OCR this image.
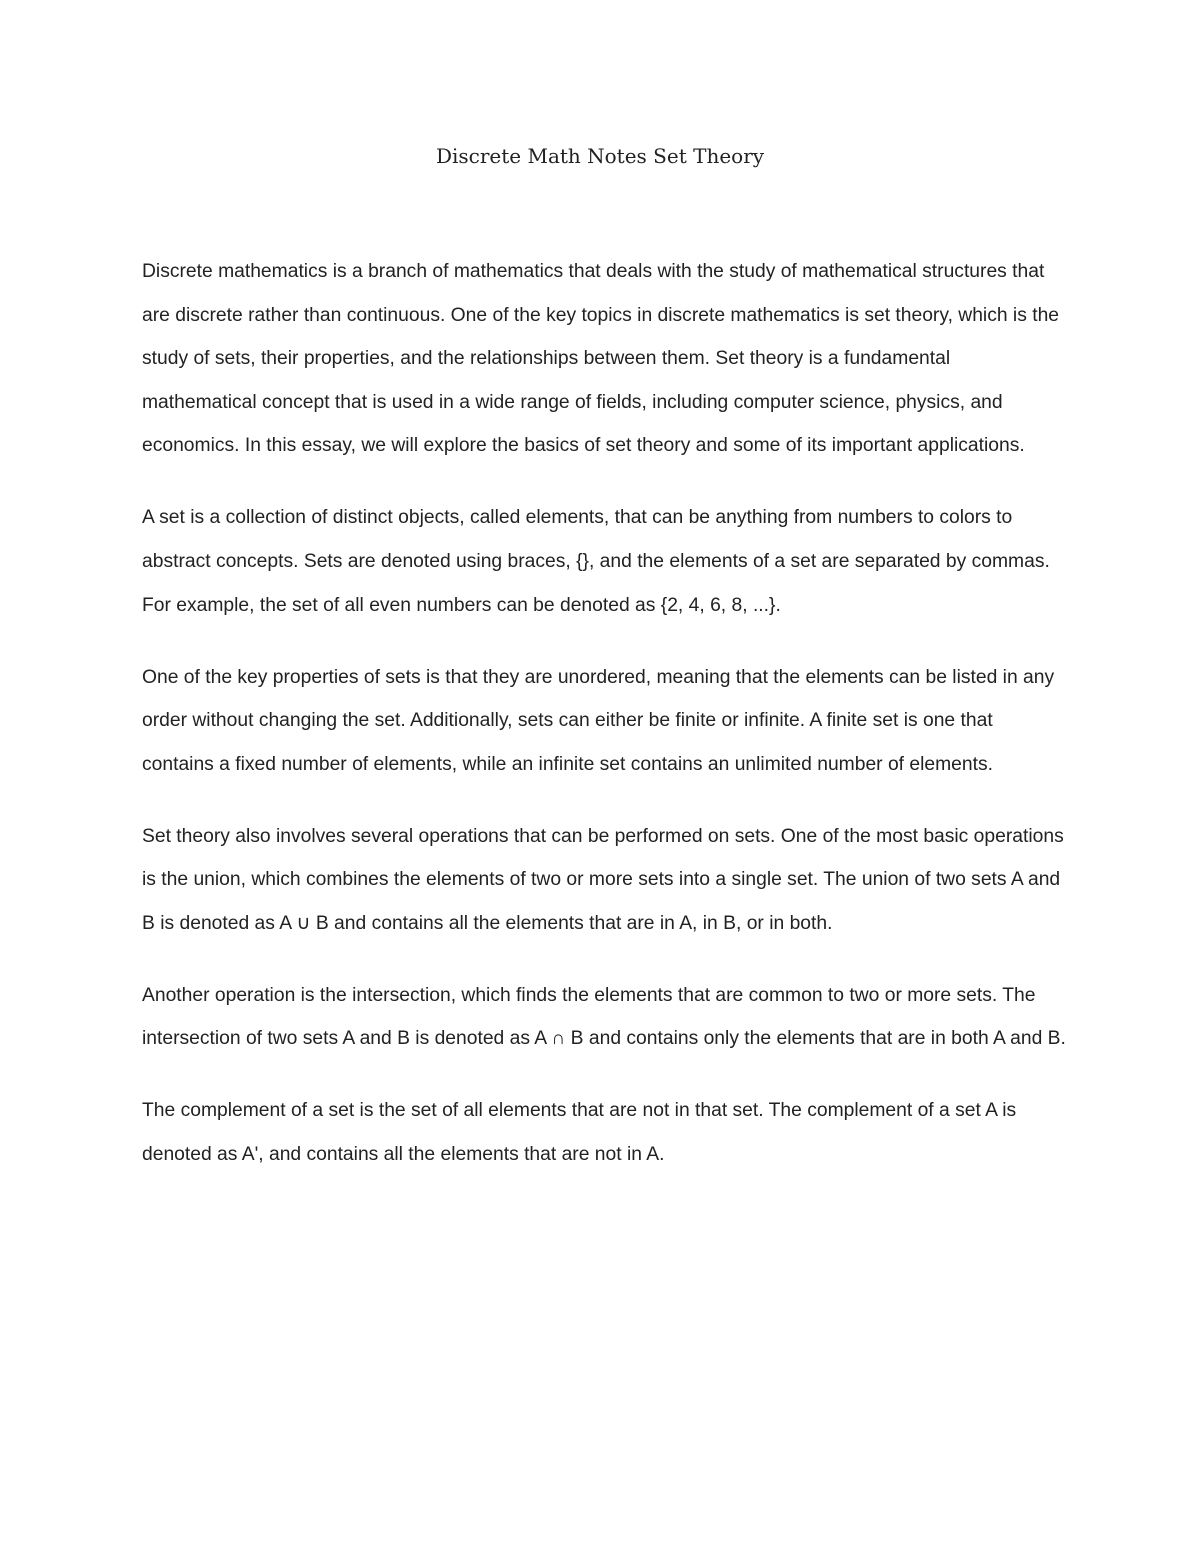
Discrete Math Notes Set Theory

Discrete mathematics is a branch of mathematics that deals with the study of mathematical structures that are discrete rather than continuous. One of the key topics in discrete mathematics is set theory, which is the study of sets, their properties, and the relationships between them. Set theory is a fundamental mathematical concept that is used in a wide range of fields, including computer science, physics, and economics. In this essay, we will explore the basics of set theory and some of its important applications.

A set is a collection of distinct objects, called elements, that can be anything from numbers to colors to abstract concepts. Sets are denoted using braces, {}, and the elements of a set are separated by commas. For example, the set of all even numbers can be denoted as {2, 4, 6, 8, ...}.

One of the key properties of sets is that they are unordered, meaning that the elements can be listed in any order without changing the set. Additionally, sets can either be finite or infinite. A finite set is one that contains a fixed number of elements, while an infinite set contains an unlimited number of elements.

Set theory also involves several operations that can be performed on sets. One of the most basic operations is the union, which combines the elements of two or more sets into a single set. The union of two sets A and B is denoted as A ∪ B and contains all the elements that are in A, in B, or in both.

Another operation is the intersection, which finds the elements that are common to two or more sets. The intersection of two sets A and B is denoted as A ∩ B and contains only the elements that are in both A and B.

The complement of a set is the set of all elements that are not in that set. The complement of a set A is denoted as A', and contains all the elements that are not in A.
